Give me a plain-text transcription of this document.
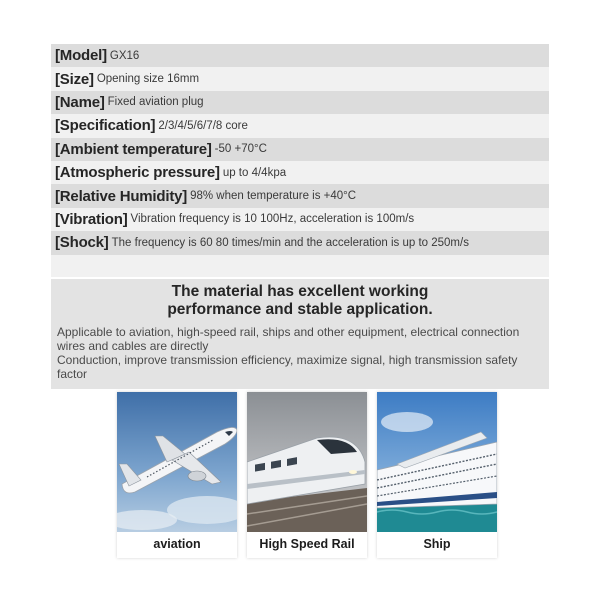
[Model] GX16
[Size] Opening size 16mm
[Name] Fixed aviation plug
[Specification] 2/3/4/5/6/7/8 core
[Ambient temperature] -50 +70°C
[Atmospheric pressure] up to 4/4kpa
[Relative Humidity] 98% when temperature is +40°C
[Vibration] Vibration frequency is 10 100Hz, acceleration is 100m/s
[Shock] The frequency is 60 80 times/min and the acceleration is up to 250m/s
The material has excellent working
performance and stable application.

Applicable to aviation, high-speed rail, ships and other equipment, electrical connection wires and cables are directly

Conduction, improve transmission efficiency, maximize signal, high transmission safety factor

aviation	High Speed Rail	Ship
